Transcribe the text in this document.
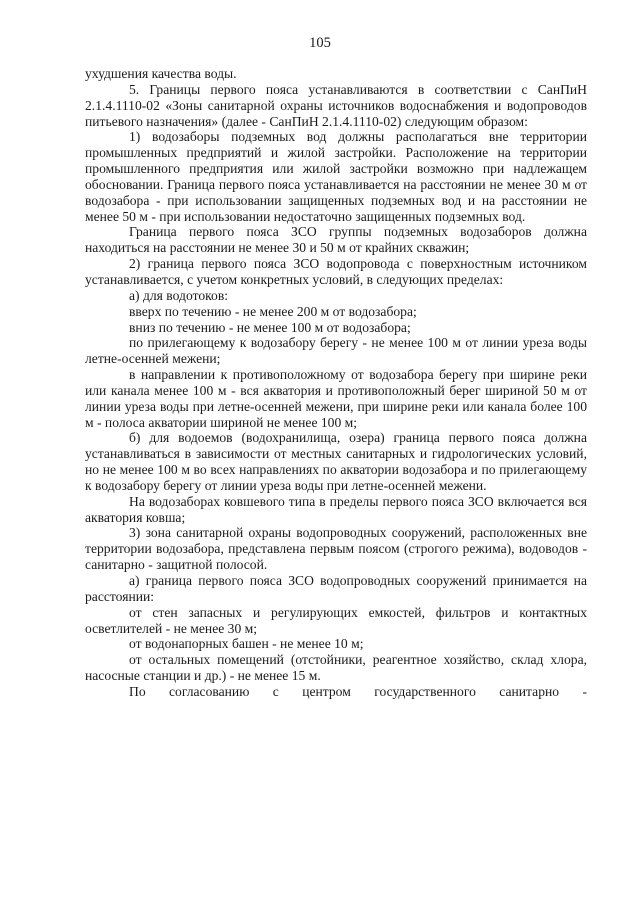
105

ухудшения качества воды.

5. Границы первого пояса устанавливаются в соответствии с СанПиН 2.1.4.1110-02 «Зоны санитарной охраны источников водоснабжения и водопроводов питьевого назначения» (далее - СанПиН 2.1.4.1110-02) следующим образом:

1) водозаборы подземных вод должны располагаться вне территории промышленных предприятий и жилой застройки. Расположение на территории промышленного предприятия или жилой застройки возможно при надлежащем обосновании. Граница первого пояса устанавливается на расстоянии не менее 30 м от водозабора - при использовании защищенных подземных вод и на расстоянии не менее 50 м - при использовании недостаточно защищенных подземных вод.

Граница первого пояса ЗСО группы подземных водозаборов должна находиться на расстоянии не менее 30 и 50 м от крайних скважин;

2) граница первого пояса ЗСО водопровода с поверхностным источником устанавливается, с учетом конкретных условий, в следующих пределах:

а) для водотоков:

вверх по течению - не менее 200 м от водозабора;

вниз по течению - не менее 100 м от водозабора;

по прилегающему к водозабору берегу - не менее 100 м от линии уреза воды летне-осенней межени;

в направлении к противоположному от водозабора берегу при ширине реки или канала менее 100 м - вся акватория и противоположный берег шириной 50 м от линии уреза воды при летне-осенней межени, при ширине реки или канала более 100 м - полоса акватории шириной не менее 100 м;

б) для водоемов (водохранилища, озера) граница первого пояса должна устанавливаться в зависимости от местных санитарных и гидрологических условий, но не менее 100 м во всех направлениях по акватории водозабора и по прилегающему к водозабору берегу от линии уреза воды при летне-осенней межени.

На водозаборах ковшевого типа в пределы первого пояса ЗСО включается вся акватория ковша;

3) зона санитарной охраны водопроводных сооружений, расположенных вне территории водозабора, представлена первым поясом (строгого режима), водоводов - санитарно - защитной полосой.

а) граница первого пояса ЗСО водопроводных сооружений принимается на расстоянии:

от стен запасных и регулирующих емкостей, фильтров и контактных осветлителей - не менее 30 м;

от водонапорных башен - не менее 10 м;

от остальных помещений (отстойники, реагентное хозяйство, склад хлора, насосные станции и др.) - не менее 15 м.

По согласованию с центром государственного санитарно -
